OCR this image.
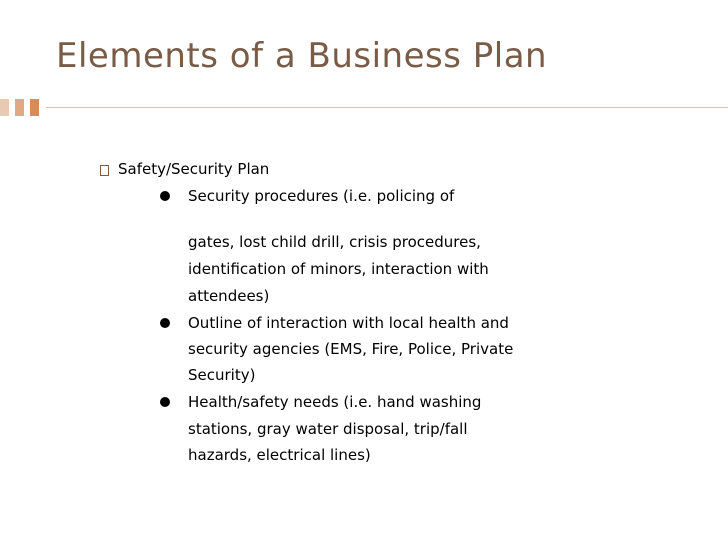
Elements of a Business Plan
Safety/Security Plan
Security procedures (i.e. policing of
gates, lost child drill, crisis procedures,
identification of minors, interaction with
attendees)
Outline of interaction with local health and
security agencies (EMS, Fire, Police, Private
Security)
Health/safety needs (i.e. hand washing
stations, gray water disposal, trip/fall
hazards, electrical lines)
